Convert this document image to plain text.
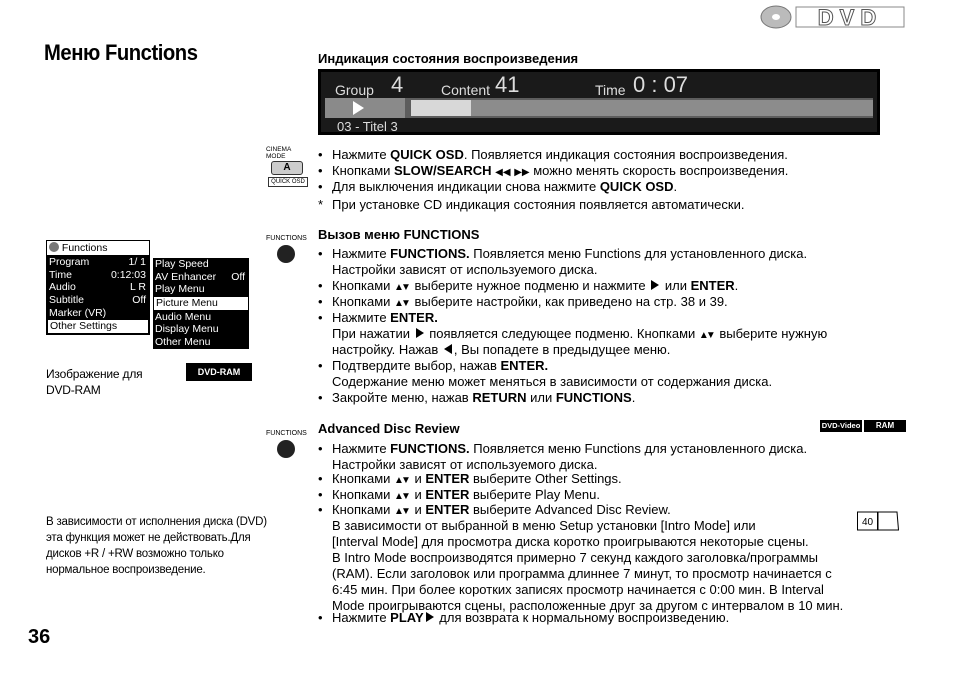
DVD
Меню Functions	Индикация состояния воспроизведения
Group 4	Content 41	Time 0 : 07
03 - Titel 3
CINEMA MODE
A
QUICK OSD
• Нажмите QUICK OSD. Появляется индикация состояния воспроизведения.
• Кнопками SLOW/SEARCH ◀◀ ▶▶ можно менять скорость воспроизведения.
• Для выключения индикации снова нажмите QUICK OSD.
* При установке CD индикация состояния появляется автоматически.
FUNCTIONS Вызов меню FUNCTIONS
• Нажмите FUNCTIONS. Появляется меню Functions для установленного диска.
Настройки зависят от используемого диска.
• Кнопками ▲▼ выберите нужное подменю и нажмите  или ENTER.
• Кнопками ▲▼ выберите настройки, как приведено на стр. 38 и 39.
• Нажмите ENTER.
При нажатии  появляется следующее подменю. Кнопками ▲▼ выберите нужную
настройку. Нажав , Вы попадете в предыдущее меню.
• Подтвердите выбор, нажав ENTER.
Содержание меню может меняться в зависимости от содержания диска.
• Закройте меню, нажав RETURN или FUNCTIONS.
Functions
Program	1/ 1
Time	0:12:03
Audio	L R
Subtitle	Off
Marker (VR)
Other Settings
Play Speed
AV Enhancer Off
Play Menu
Picture Menu
Audio Menu
Display Menu
Other Menu
Изображение для
DVD-RAM
DVD-RAM
FUNCTIONS Advanced Disc Review	DVD-Video	RAM
• Нажмите FUNCTIONS. Появляется меню Functions для установленного диска.
Настройки зависят от используемого диска.
• Кнопками ▲▼ и ENTER выберите Other Settings.
• Кнопками ▲▼ и ENTER выберите Play Menu.
• Кнопками ▲▼ и ENTER выберите Advanced Disc Review.
В зависимости от выбранной в меню Setup установки [Intro Mode] или
[Interval Mode] для просмотра диска коротко проигрываются некоторые сцены.
В Intro Mode воспроизводятся примерно 7 секунд каждого заголовка/программы
(RAM). Если заголовок или программа длиннее 7 минут, то просмотр начинается с
6:45 мин. При более коротких записях просмотр начинается с 0:00 мин. В Interval
Mode проигрываются сцены, расположенные друг за другом с интервалом в 10 мин.
• Нажмите PLAY для возврата к нормальному воспроизведению.
40
В зависимости от исполнения диска (DVD)
эта функция может не действовать.Для
дисков +R / +RW возможно только
нормальное воспроизведение.
36
